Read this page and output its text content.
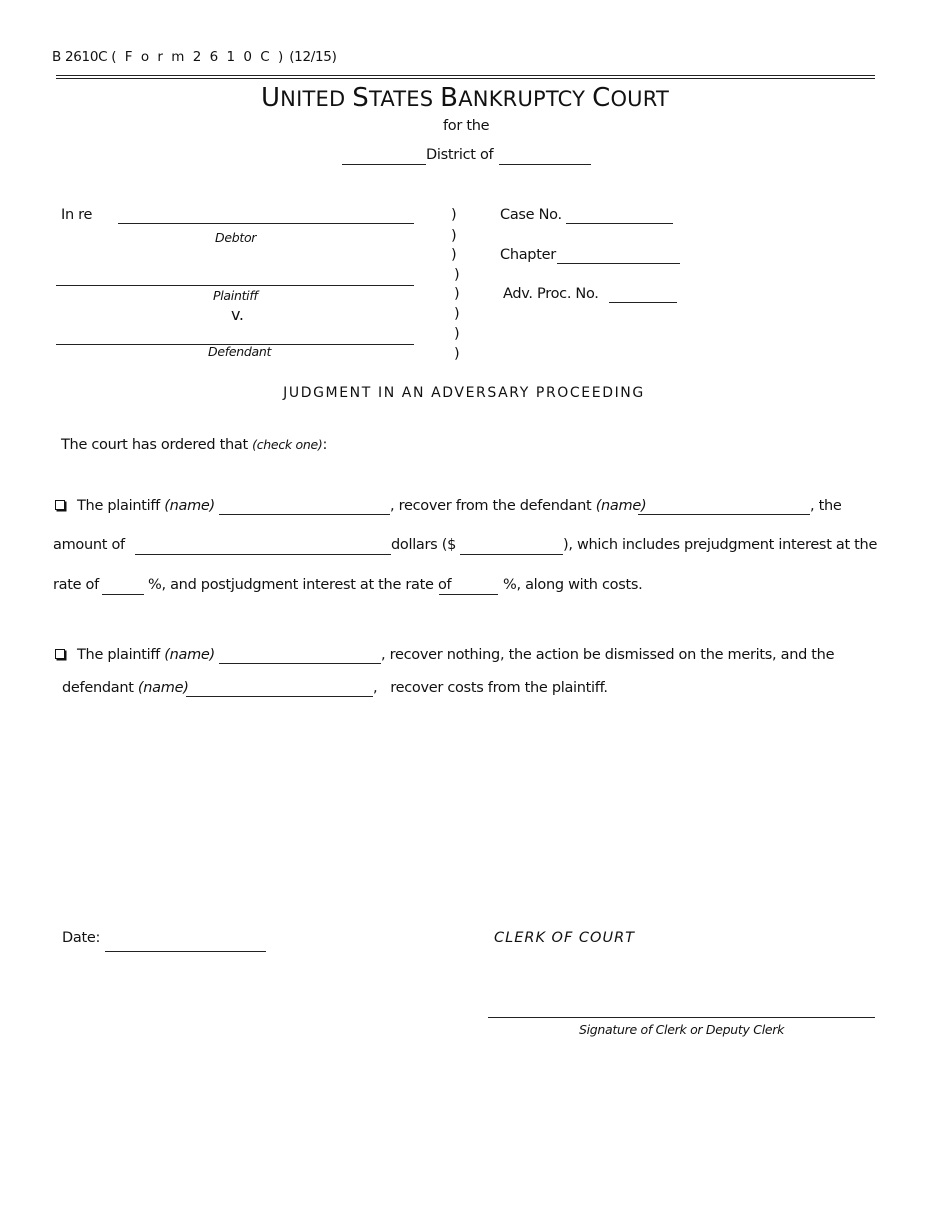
B 2610C ( F o r m 2 6 1 0 C ) (12/15)
UNITED STATES BANKRUPTCY COURT
for the
District of
In re
Debtor
Plaintiff
v.
Defendant
)
)
)
)
)
)
)
)
Case No.
Chapter
Adv. Proc. No.
JUDGMENT IN AN ADVERSARY PROCEEDING
The court has ordered that (check one):
The plaintiff (name)	, recover from the defendant (name)	, the
amount of	dollars ($	), which includes prejudgment interest at the
rate of	%, and postjudgment interest at the rate of	%, along with costs.
The plaintiff (name)	, recover nothing, the action be dismissed on the merits, and the
defendant (name)	,   recover costs from the plaintiff.
Date:	CLERK OF COURT
Signature of Clerk or Deputy Clerk
